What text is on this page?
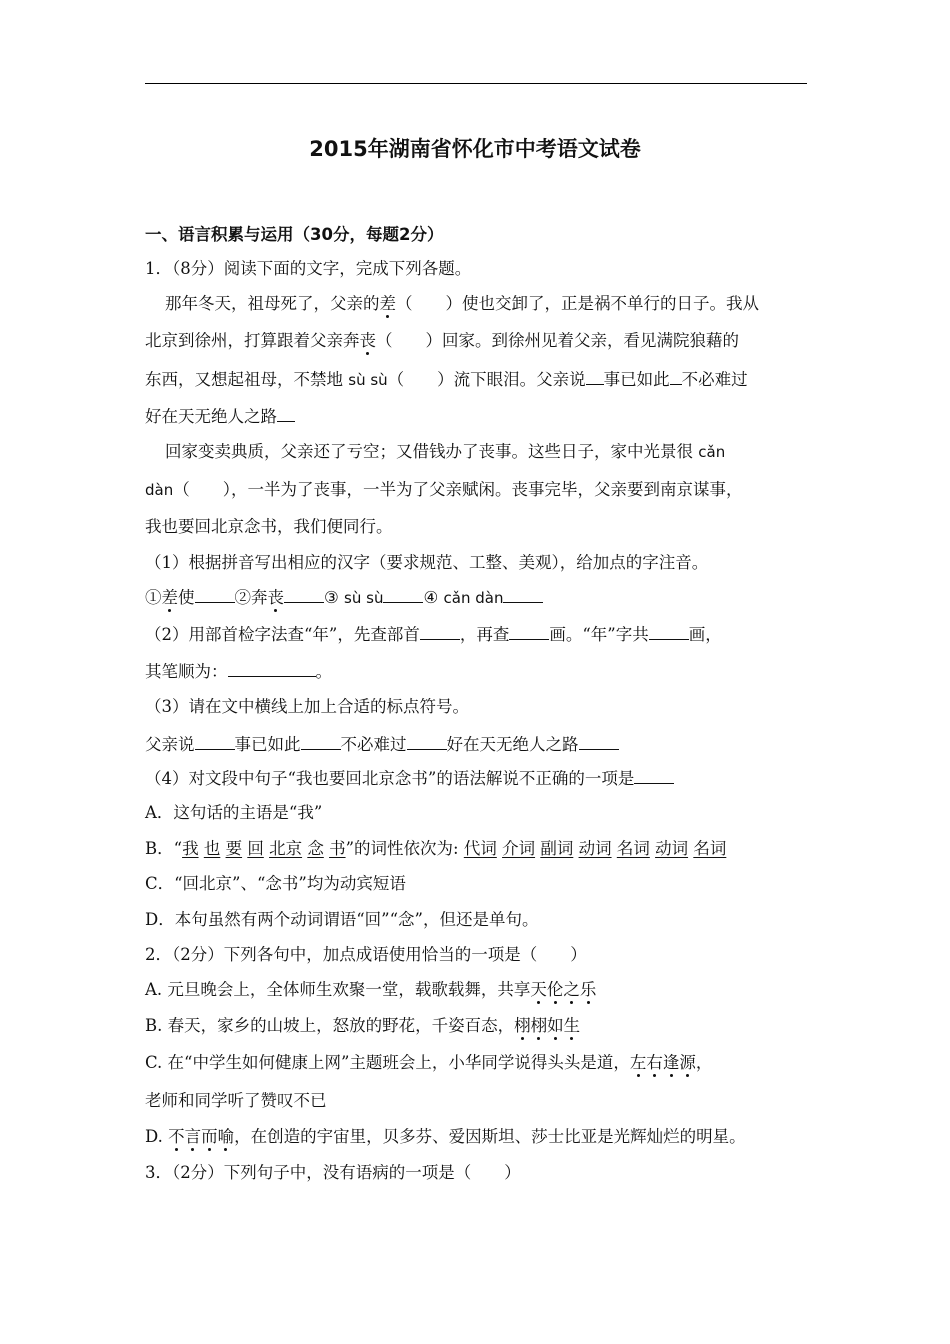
2015年湖南省怀化市中考语文试卷
一、语言积累与运用（30分，每题2分）
1．（8分）阅读下面的文字，完成下列各题。
那年冬天，祖母死了，父亲的差（　　）使也交卸了，正是祸不单行的日子。我从
北京到徐州，打算跟着父亲奔丧（　　）回家。到徐州见着父亲，看见满院狼藉的
东西，又想起祖母，不禁地 sù sù（　　）流下眼泪。父亲说 事已如此 不必难过
好在天无绝人之路
回家变卖典质，父亲还了亏空；又借钱办了丧事。这些日子，家中光景很 cǎn
dàn（　　），一半为了丧事，一半为了父亲赋闲。丧事完毕，父亲要到南京谋事，
我也要回北京念书，我们便同行。
（1）根据拼音写出相应的汉字（要求规范、工整、美观），给加点的字注音。
①差使 ②奔丧 ③ sù sù ④ cǎn dàn
（2）用部首检字法查“年”，先查部首 ，再查 画。“年”字共 画，
其笔顺为：	。
（3）请在文中横线上加上合适的标点符号。
父亲说 事已如此 不必难过 好在天无绝人之路
（4）对文段中句子“我也要回北京念书”的语法解说不正确的一项是
A．这句话的主语是“我”
B．“我 也 要 回 北京 念 书”的词性依次为: 代词 介词 副词 动词 名词 动词 名词
C．“回北京”、“念书”均为动宾短语
D．本句虽然有两个动词谓语“回”“念”，但还是单句。
2．（2分）下列各句中，加点成语使用恰当的一项是（　　）
A. 元旦晚会上，全体师生欢聚一堂，载歌载舞，共享天伦之乐
B. 春天，家乡的山坡上，怒放的野花，千姿百态，栩栩如生
C. 在“中学生如何健康上网”主题班会上，小华同学说得头头是道，左右逢源，
老师和同学听了赞叹不已
D. 不言而喻，在创造的宇宙里，贝多芬、爱因斯坦、莎士比亚是光辉灿烂的明星。
3．（2分）下列句子中，没有语病的一项是（　　）
